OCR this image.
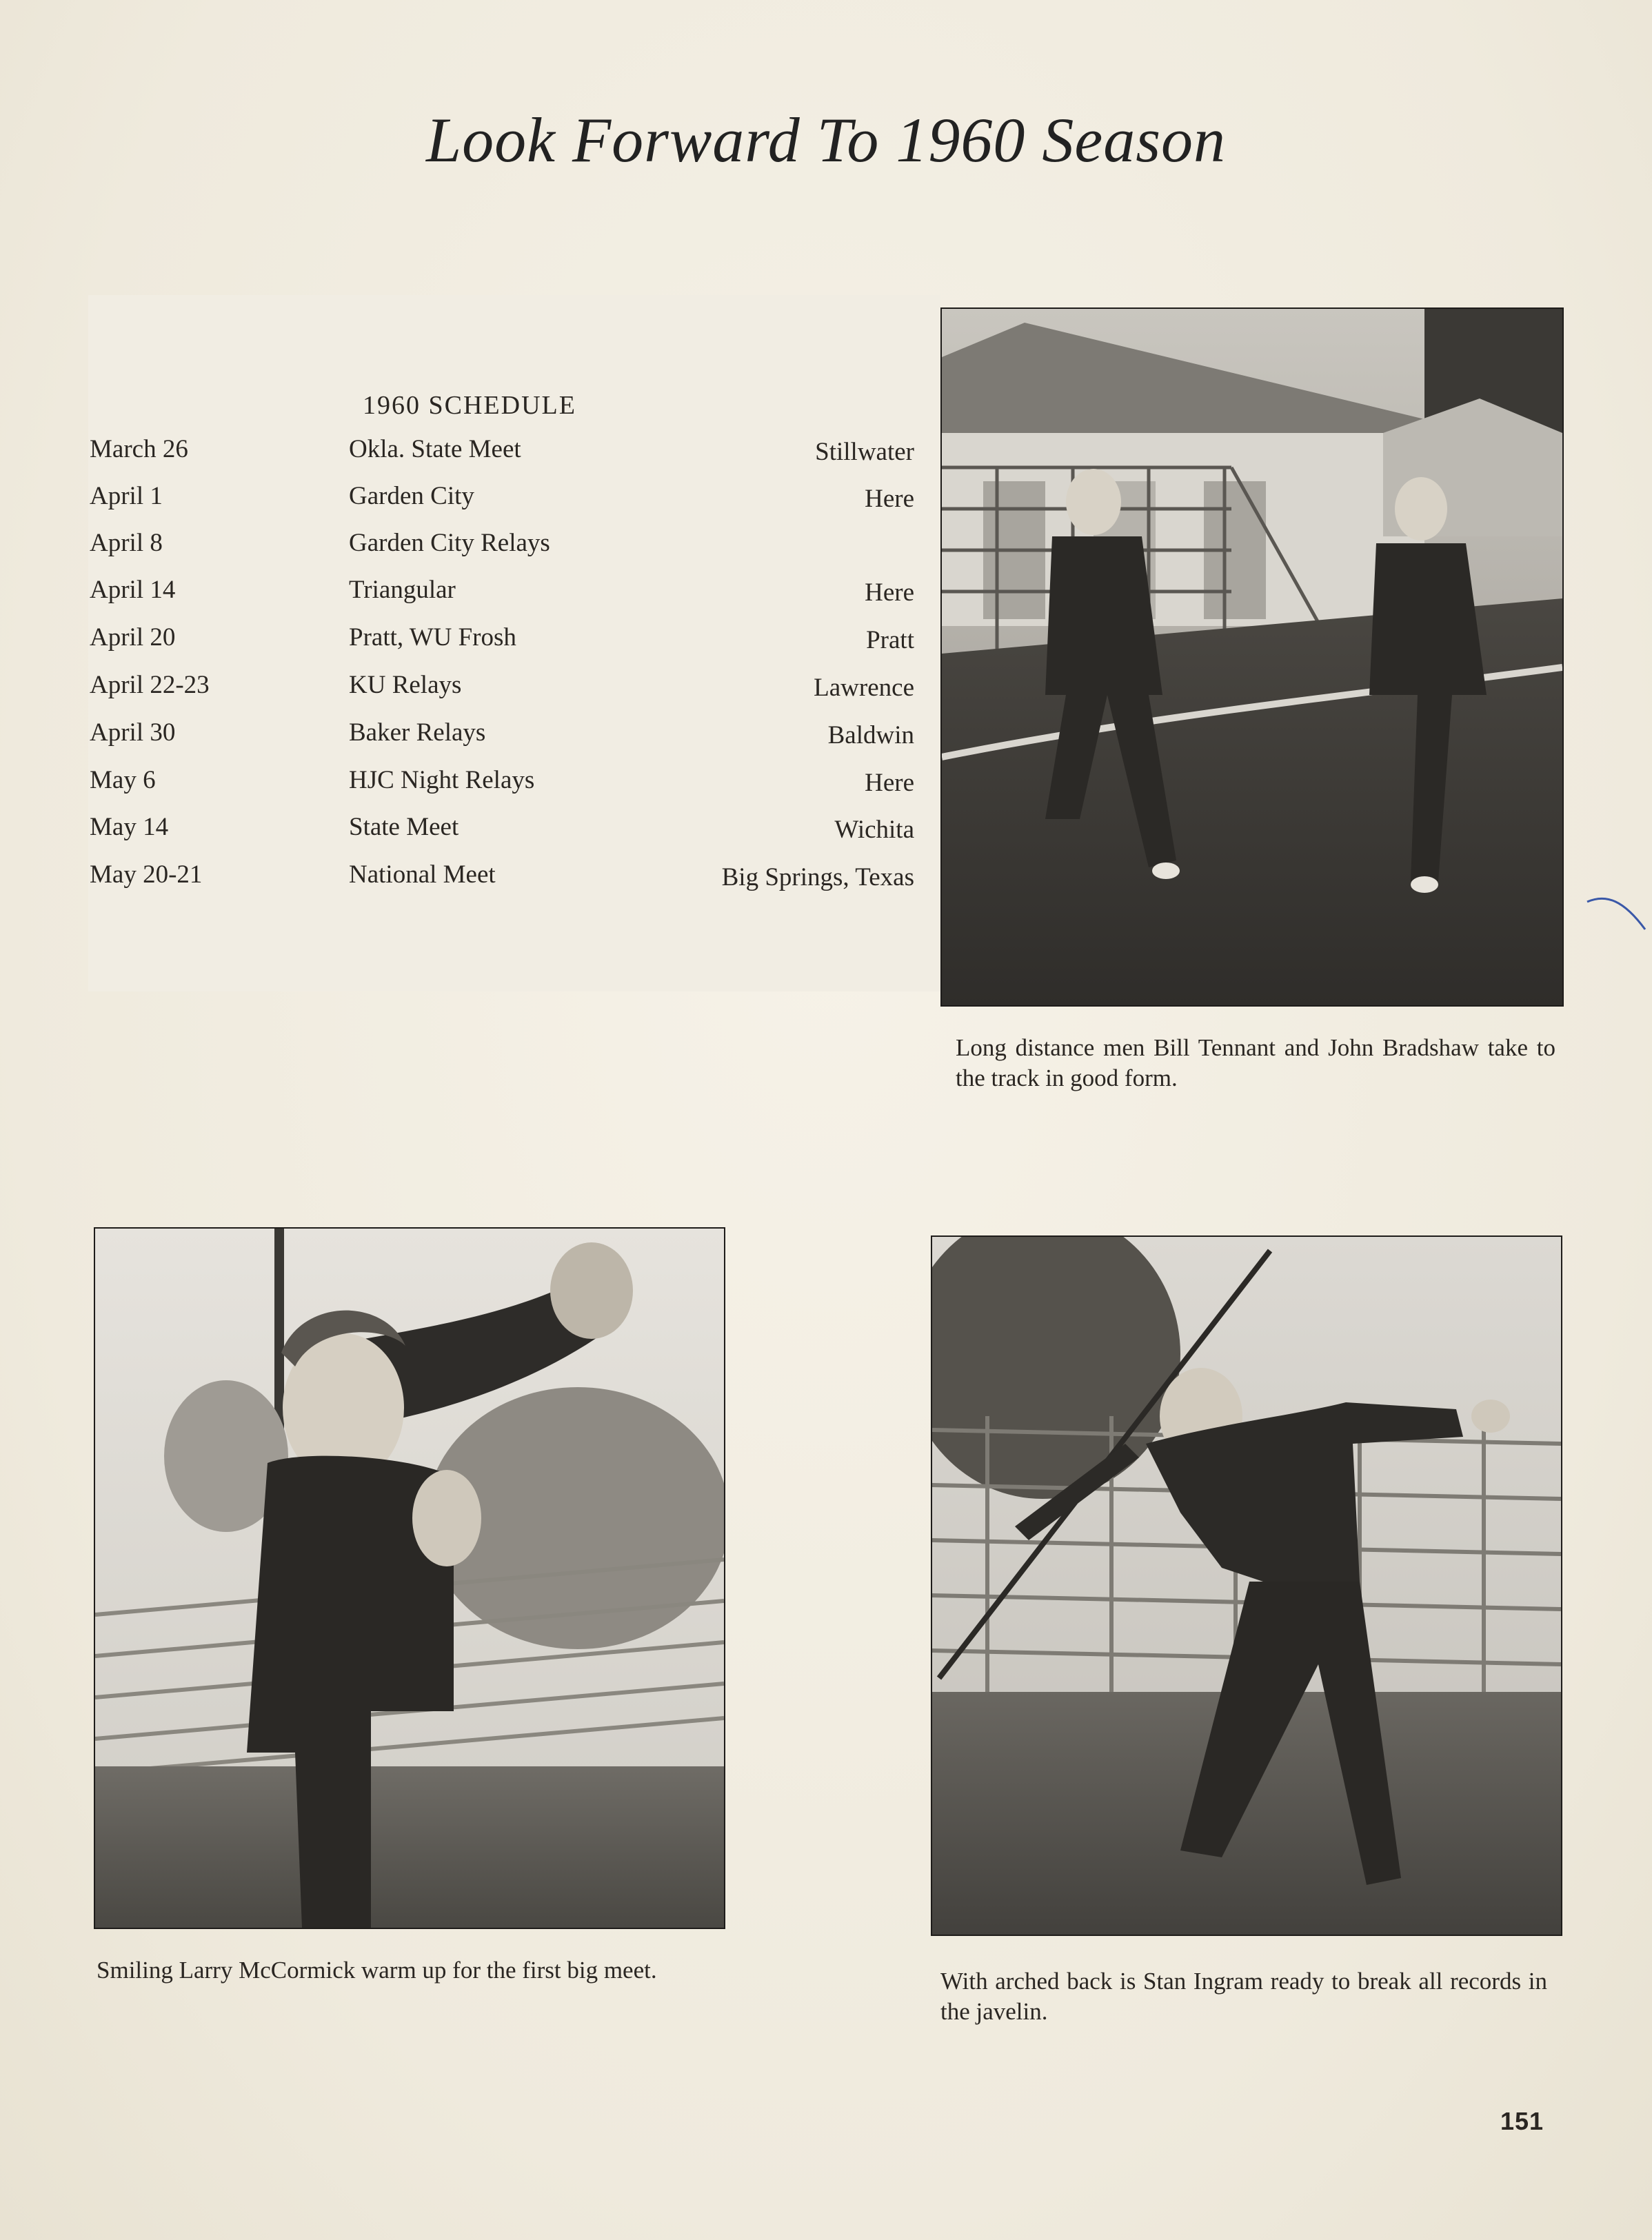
Look Forward To 1960 Season
1960 SCHEDULE
March 26	Okla. State Meet	Stillwater
April 1	Garden City	Here
April 8	Garden City Relays
April 14	Triangular	Here
April 20	Pratt, WU Frosh	Pratt
April 22-23	KU Relays	Lawrence
April 30	Baker Relays	Baldwin
May 6	HJC Night Relays	Here
May 14	State Meet	Wichita
May 20-21	National Meet	Big Springs, Texas
Long distance men Bill Tennant and John Bradshaw take to the track in good form.
Smiling Larry McCormick warm up for the first big meet.	With arched back is Stan Ingram ready to break all records in the javelin.
151
